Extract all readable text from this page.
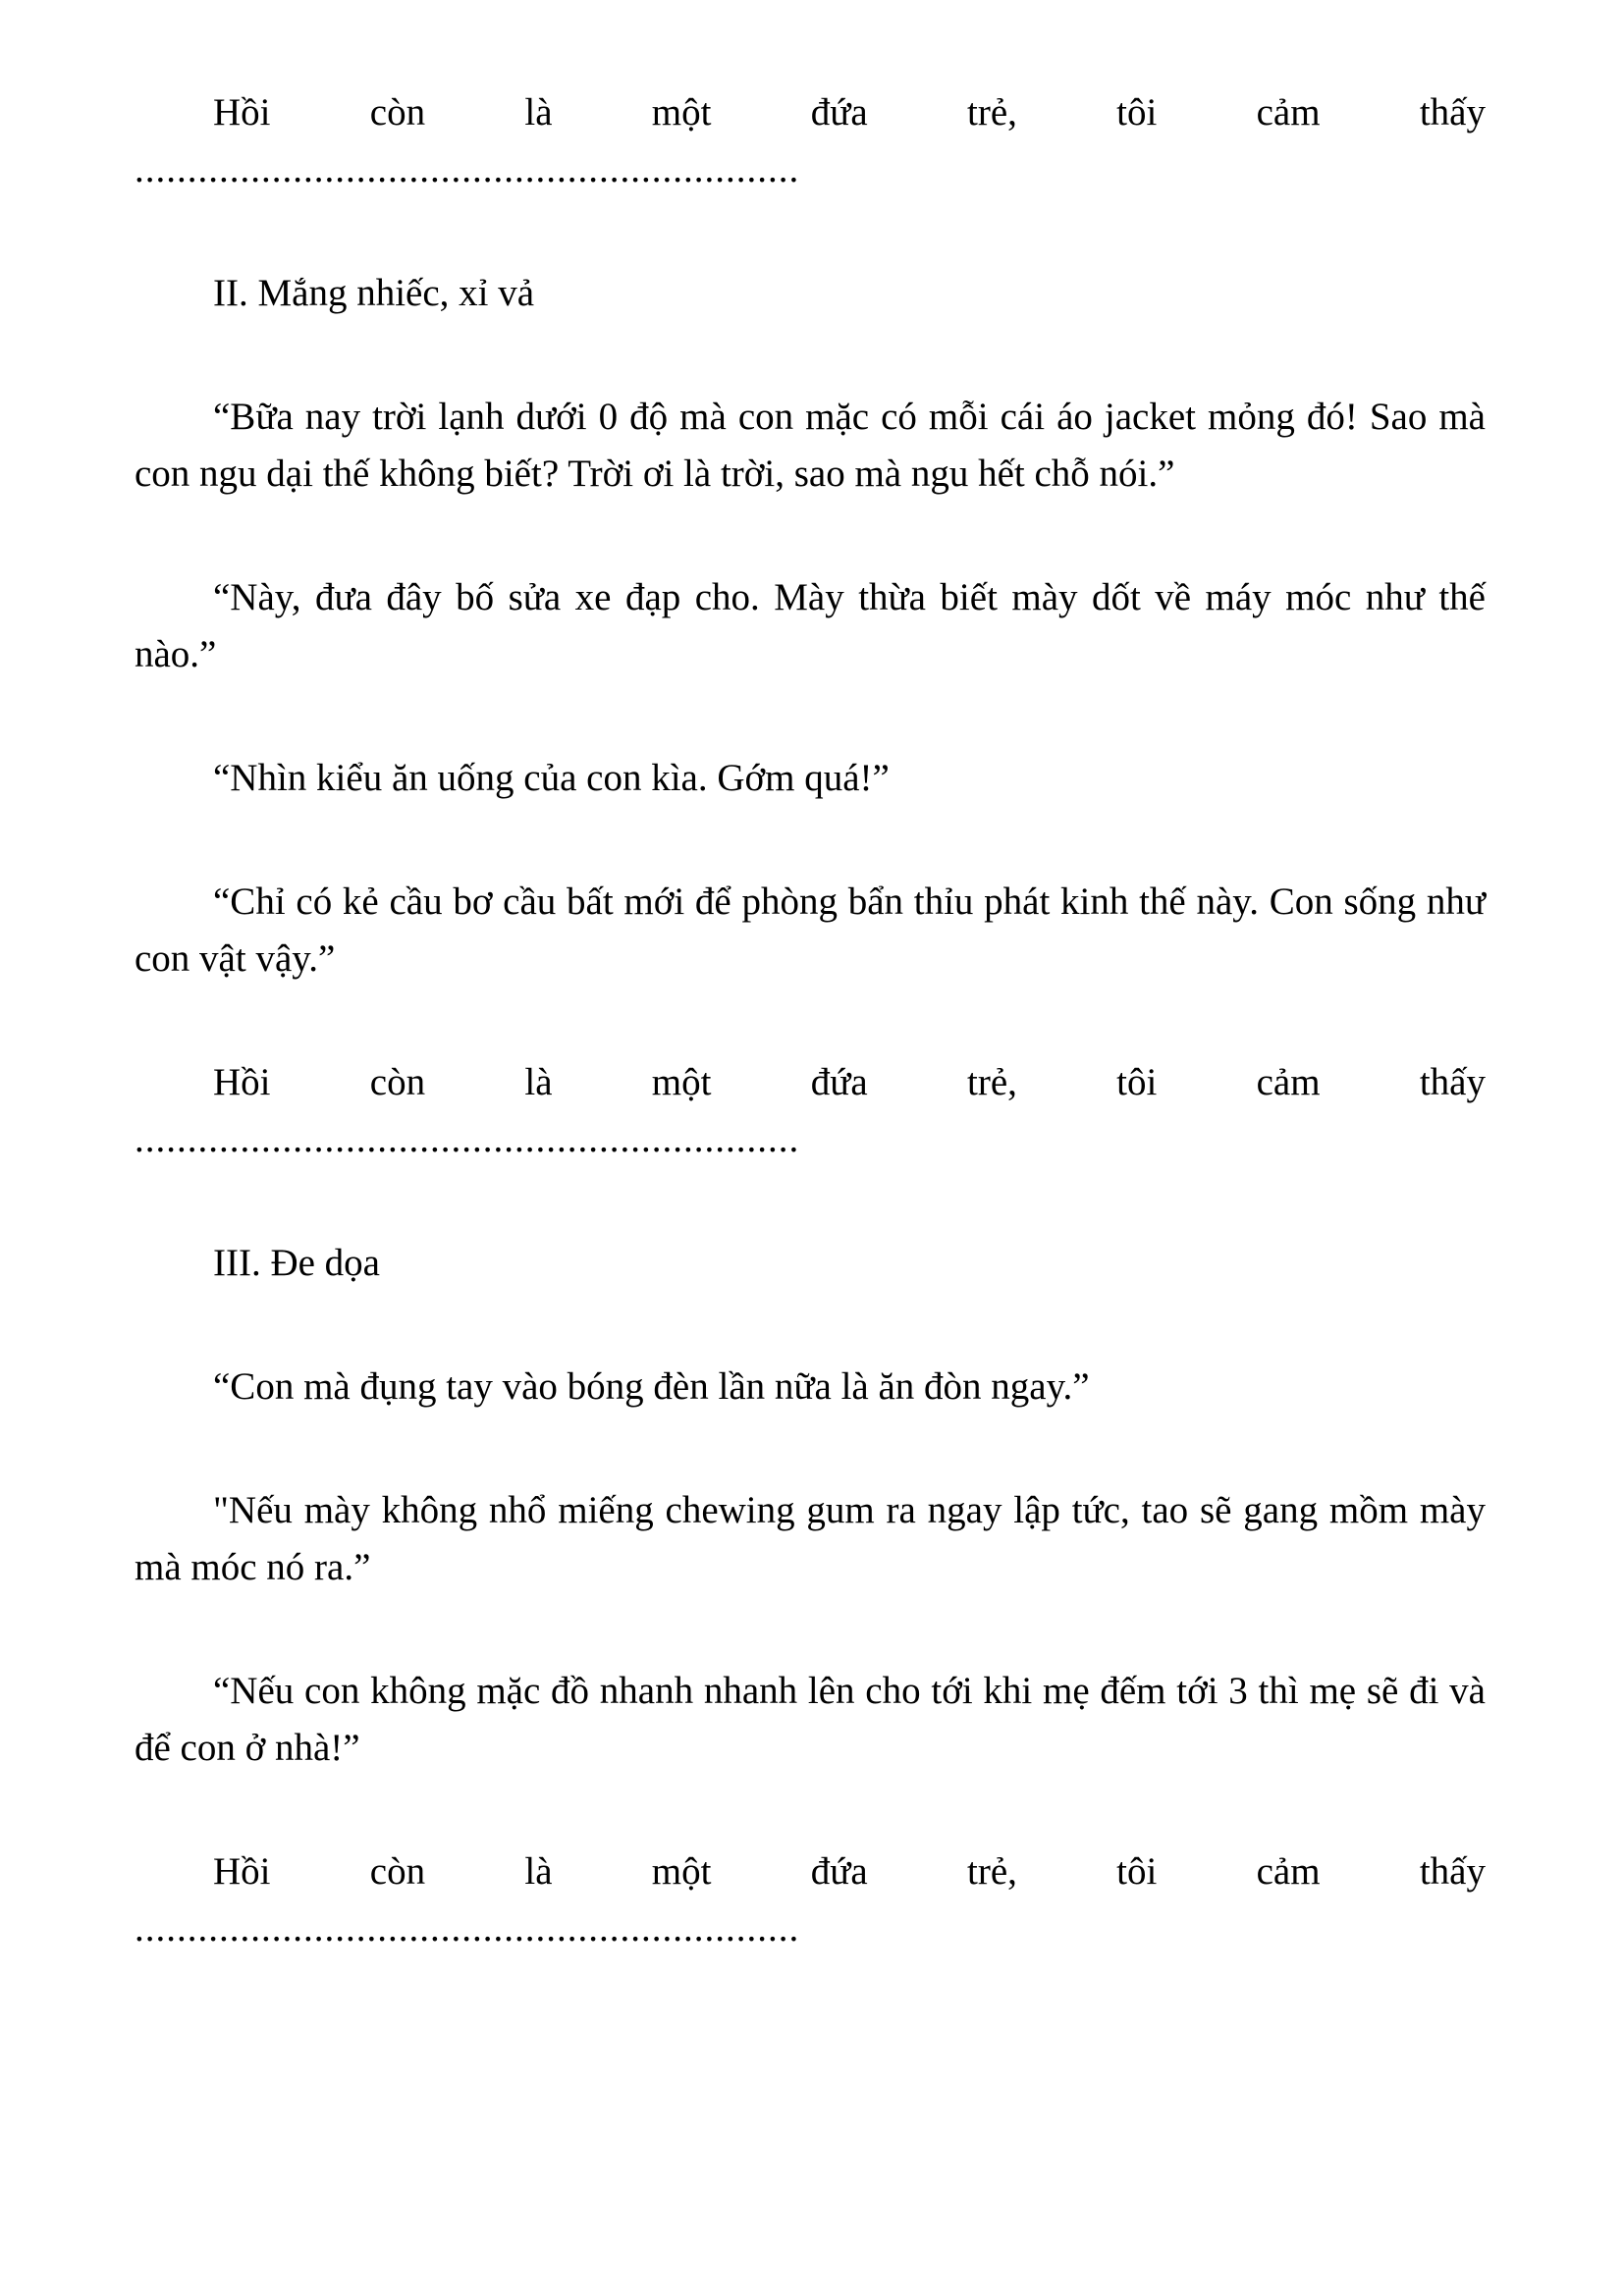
Hồi còn là một đứa trẻ, tôi cảm thấy
...............................................................

II. Mắng nhiếc, xỉ vả

“Bữa nay trời lạnh dưới 0 độ mà con mặc có mỗi cái áo jacket mỏng đó! Sao mà con ngu dại thế không biết? Trời ơi là trời, sao mà ngu hết chỗ nói.”

“Này, đưa đây bố sửa xe đạp cho. Mày thừa biết mày dốt về máy móc như thế nào.”

“Nhìn kiểu ăn uống của con kìa. Gớm quá!”

“Chỉ có kẻ cầu bơ cầu bất mới để phòng bẩn thỉu phát kinh thế này. Con sống như con vật vậy.”

Hồi còn là một đứa trẻ, tôi cảm thấy
...............................................................

III. Đe dọa

“Con mà đụng tay vào bóng đèn lần nữa là ăn đòn ngay.”

"Nếu mày không nhổ miếng chewing gum ra ngay lập tức, tao sẽ gang mồm mày mà móc nó ra.”

“Nếu con không mặc đồ nhanh nhanh lên cho tới khi mẹ đếm tới 3 thì mẹ sẽ đi và để con ở nhà!”

Hồi còn là một đứa trẻ, tôi cảm thấy
...............................................................
